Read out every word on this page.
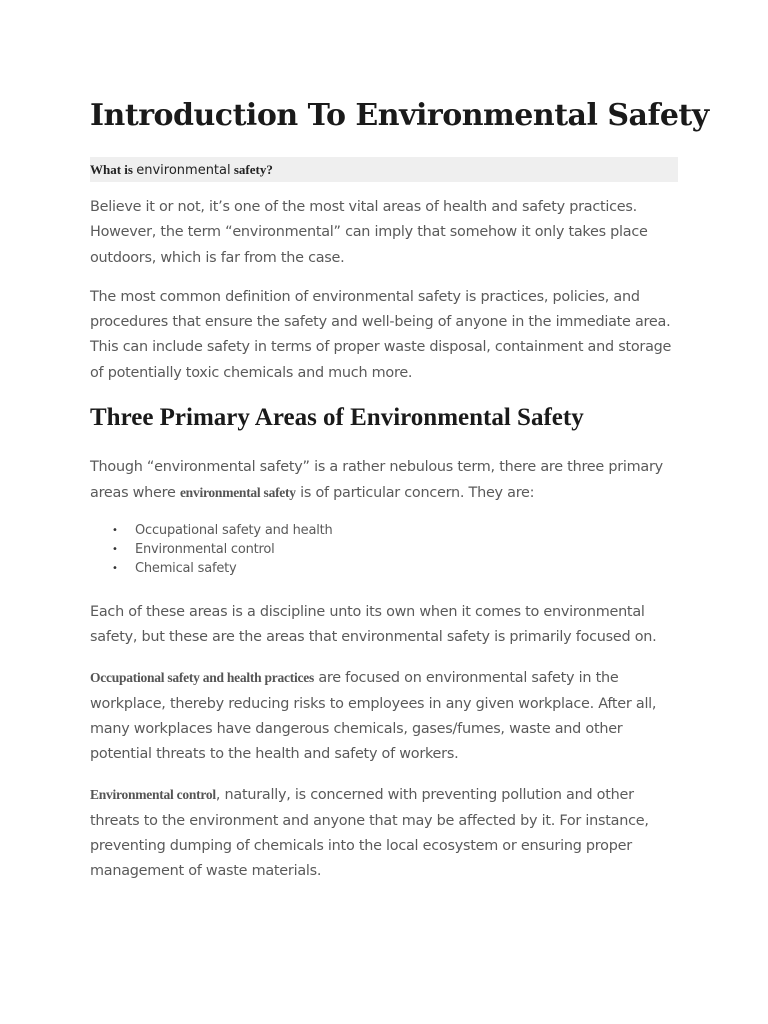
Introduction To Environmental Safety
What is environmental safety?

Believe it or not, it’s one of the most vital areas of health and safety practices. However, the term “environmental” can imply that somehow it only takes place outdoors, which is far from the case.

The most common definition of environmental safety is practices, policies, and procedures that ensure the safety and well-being of anyone in the immediate area. This can include safety in terms of proper waste disposal, containment and storage of potentially toxic chemicals and much more.

Three Primary Areas of Environmental Safety

Though “environmental safety” is a rather nebulous term, there are three primary areas where environmental safety is of particular concern. They are:

• Occupational safety and health
• Environmental control
• Chemical safety

Each of these areas is a discipline unto its own when it comes to environmental safety, but these are the areas that environmental safety is primarily focused on.

Occupational safety and health practices are focused on environmental safety in the workplace, thereby reducing risks to employees in any given workplace. After all, many workplaces have dangerous chemicals, gases/fumes, waste and other potential threats to the health and safety of workers.

Environmental control, naturally, is concerned with preventing pollution and other threats to the environment and anyone that may be affected by it. For instance, preventing dumping of chemicals into the local ecosystem or ensuring proper management of waste materials.
